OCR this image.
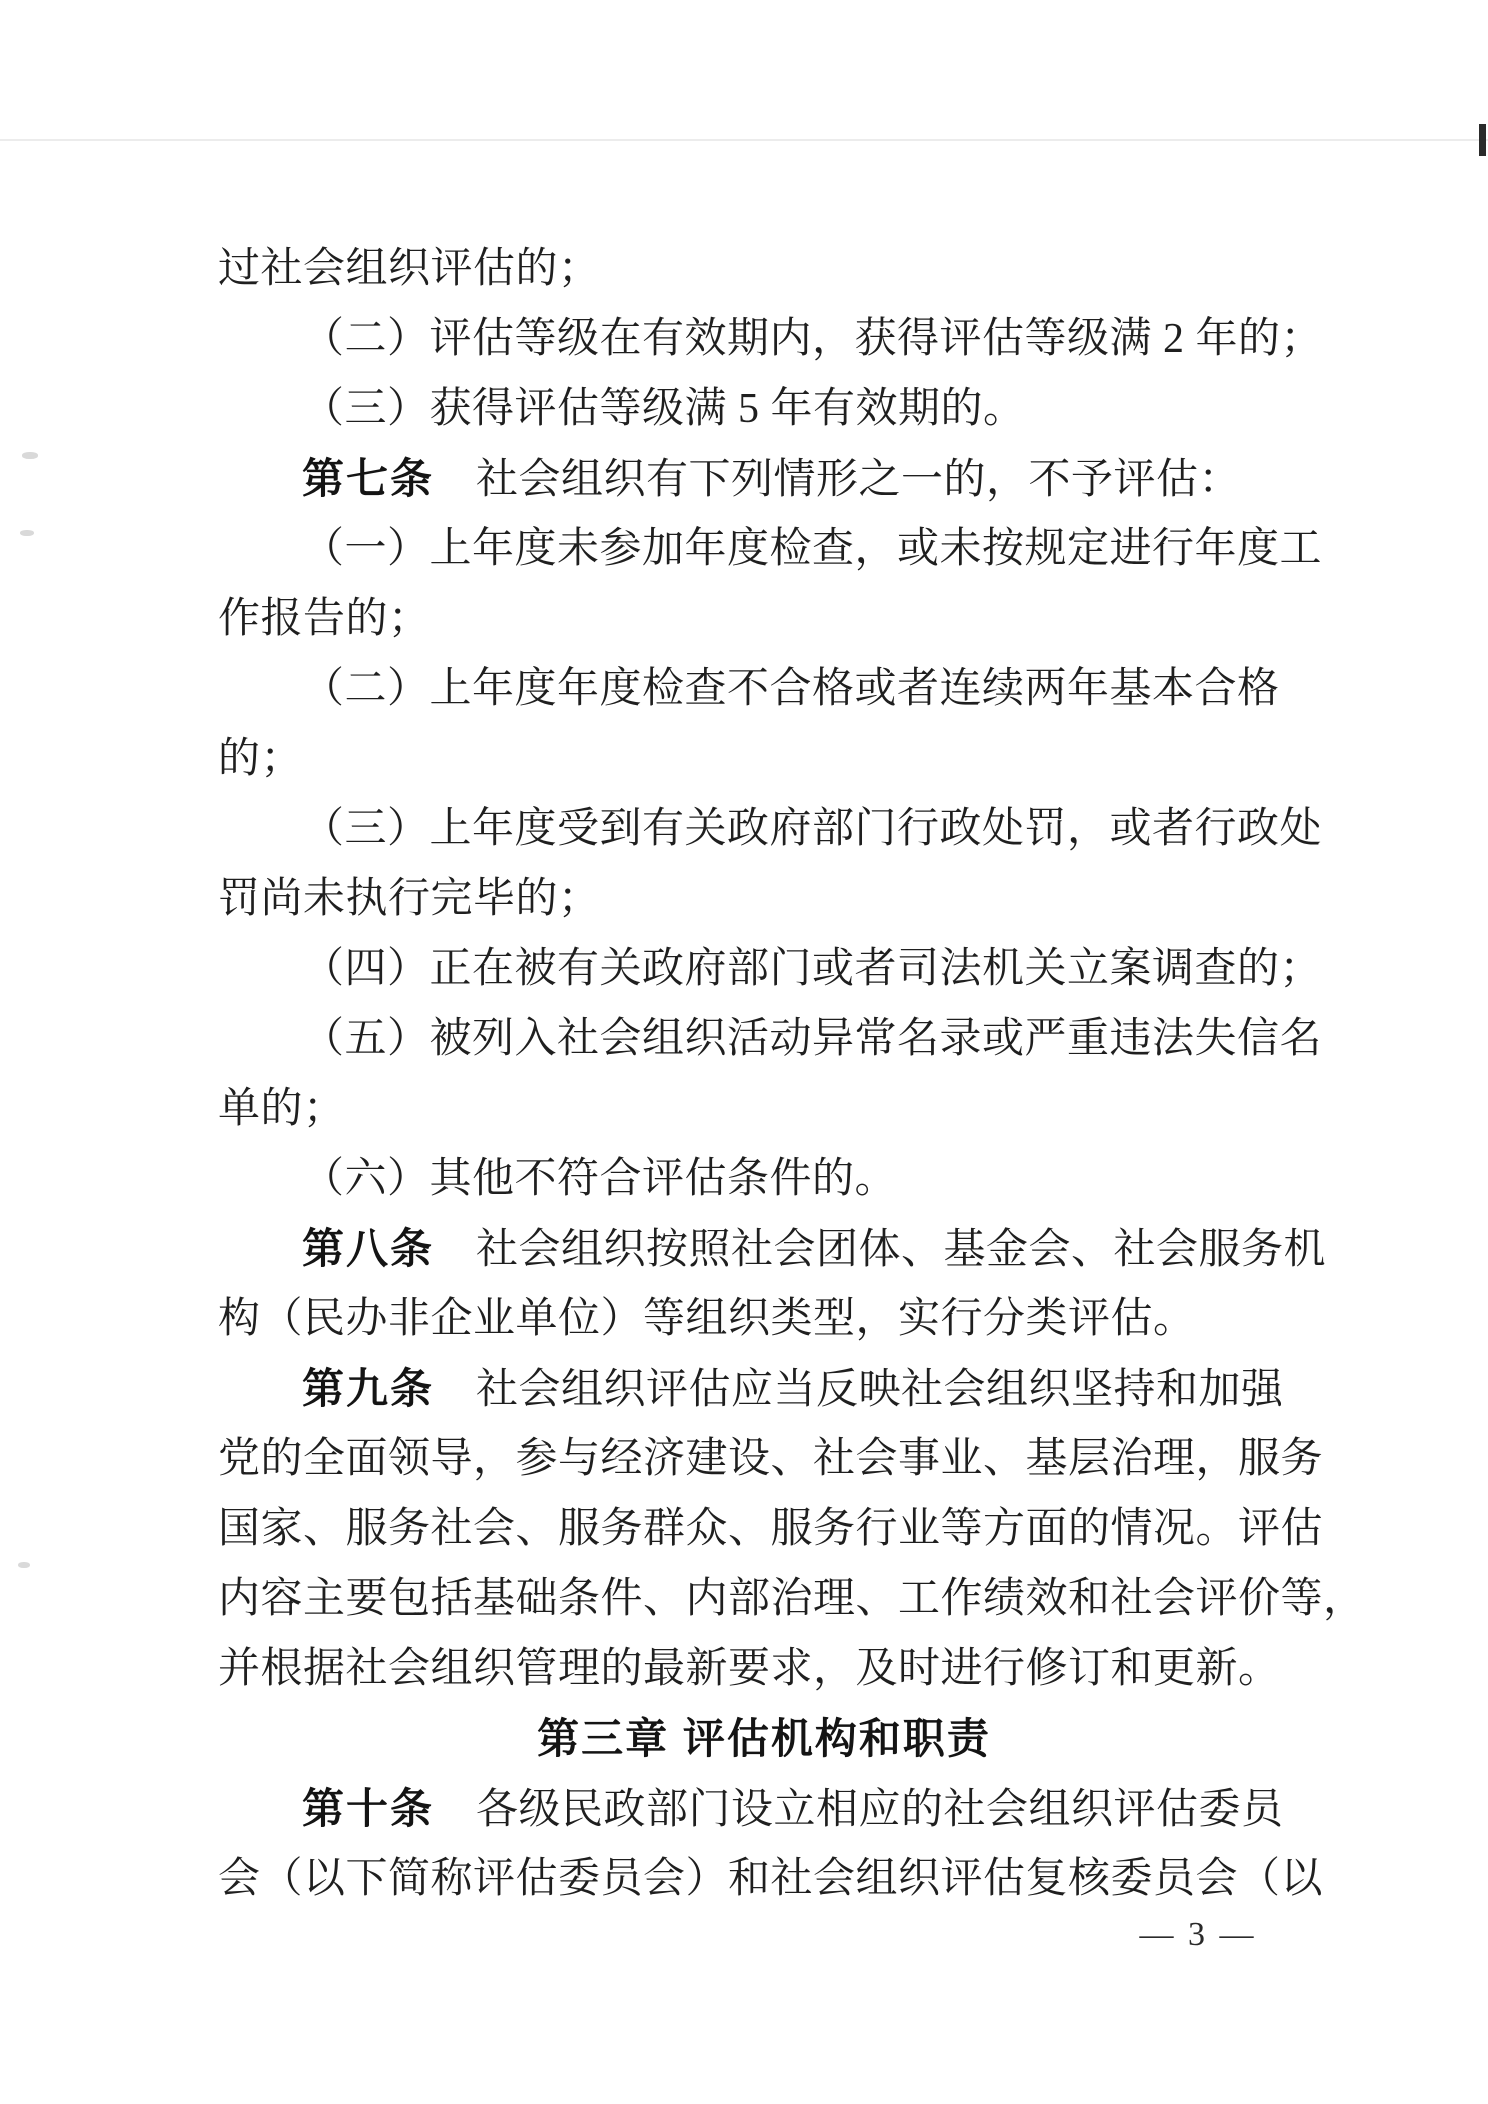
过社会组织评估的；
（二）评估等级在有效期内，获得评估等级满 2 年的；
（三）获得评估等级满 5 年有效期的。
第七条 社会组织有下列情形之一的，不予评估：
（一）上年度未参加年度检查，或未按规定进行年度工
作报告的；
（二）上年度年度检查不合格或者连续两年基本合格
的；
（三）上年度受到有关政府部门行政处罚，或者行政处
罚尚未执行完毕的；
（四）正在被有关政府部门或者司法机关立案调查的；
（五）被列入社会组织活动异常名录或严重违法失信名
单的；
（六）其他不符合评估条件的。
第八条 社会组织按照社会团体、基金会、社会服务机
构（民办非企业单位）等组织类型，实行分类评估。
第九条 社会组织评估应当反映社会组织坚持和加强
党的全面领导，参与经济建设、社会事业、基层治理，服务
国家、服务社会、服务群众、服务行业等方面的情况。评估
内容主要包括基础条件、内部治理、工作绩效和社会评价等，
并根据社会组织管理的最新要求，及时进行修订和更新。
第三章 评估机构和职责
第十条 各级民政部门设立相应的社会组织评估委员
会（以下简称评估委员会）和社会组织评估复核委员会（以
— 3 —
